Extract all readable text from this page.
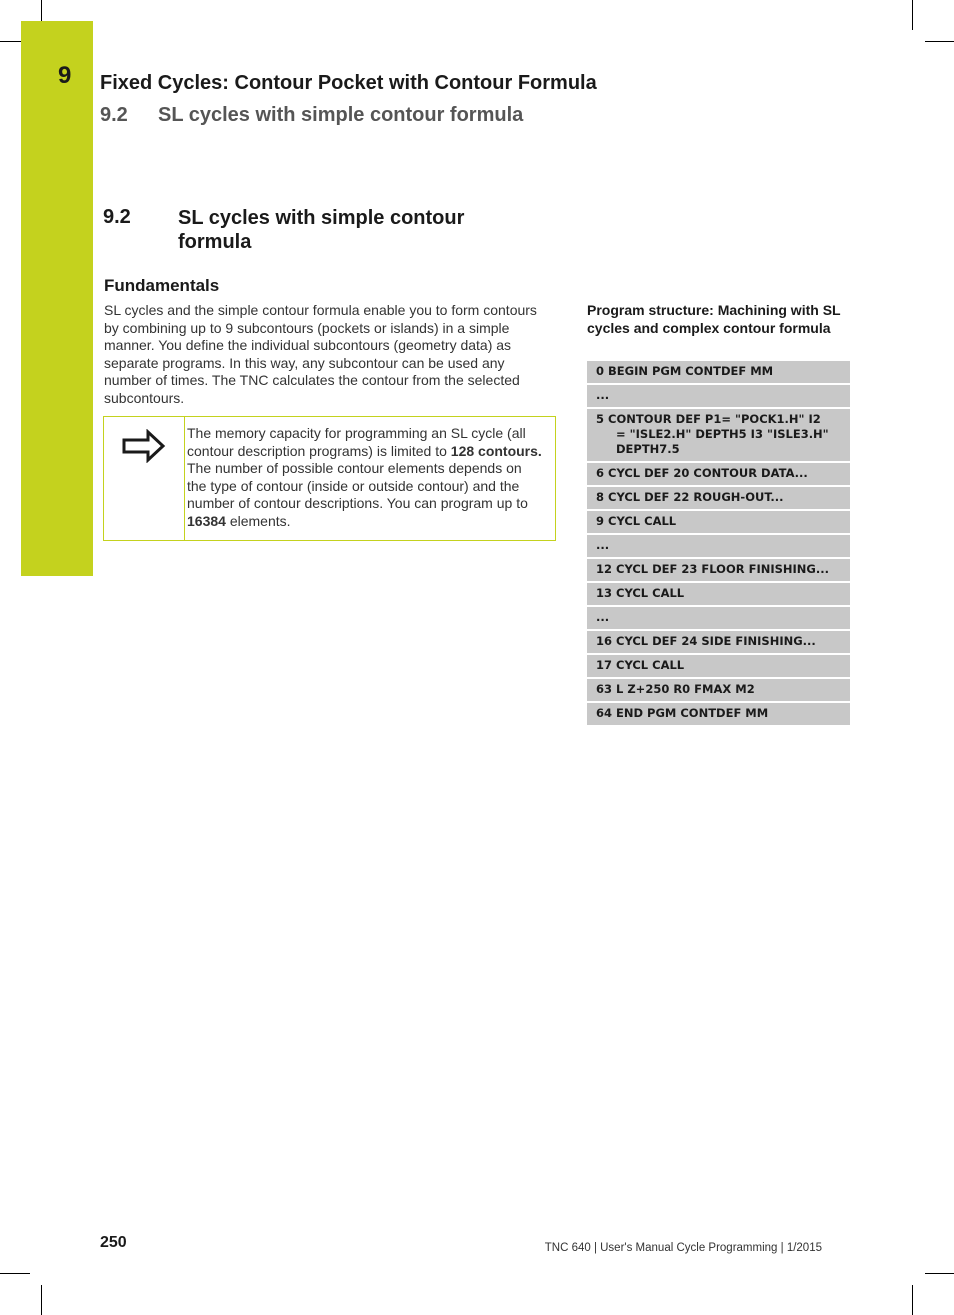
9 Fixed Cycles: Contour Pocket with Contour Formula
9.2 SL cycles with simple contour formula
9.2 SL cycles with simple contour formula
Fundamentals
SL cycles and the simple contour formula enable you to form contours by combining up to 9 subcontours (pockets or islands) in a simple manner. You define the individual subcontours (geometry data) as separate programs. In this way, any subcontour can be used any number of times. The TNC calculates the contour from the selected subcontours.
The memory capacity for programming an SL cycle (all contour description programs) is limited to 128 contours. The number of possible contour elements depends on the type of contour (inside or outside contour) and the number of contour descriptions. You can program up to 16384 elements.
Program structure: Machining with SL cycles and complex contour formula
0 BEGIN PGM CONTDEF MM
...
5 CONTOUR DEF P1= "POCK1.H" I2
= "ISLE2.H" DEPTH5 I3 "ISLE3.H"
DEPTH7.5
6 CYCL DEF 20 CONTOUR DATA...
8 CYCL DEF 22 ROUGH-OUT...
9 CYCL CALL
...
12 CYCL DEF 23 FLOOR FINISHING...
13 CYCL CALL
...
16 CYCL DEF 24 SIDE FINISHING...
17 CYCL CALL
63 L Z+250 R0 FMAX M2
64 END PGM CONTDEF MM
250	TNC 640 | User's Manual Cycle Programming | 1/2015
